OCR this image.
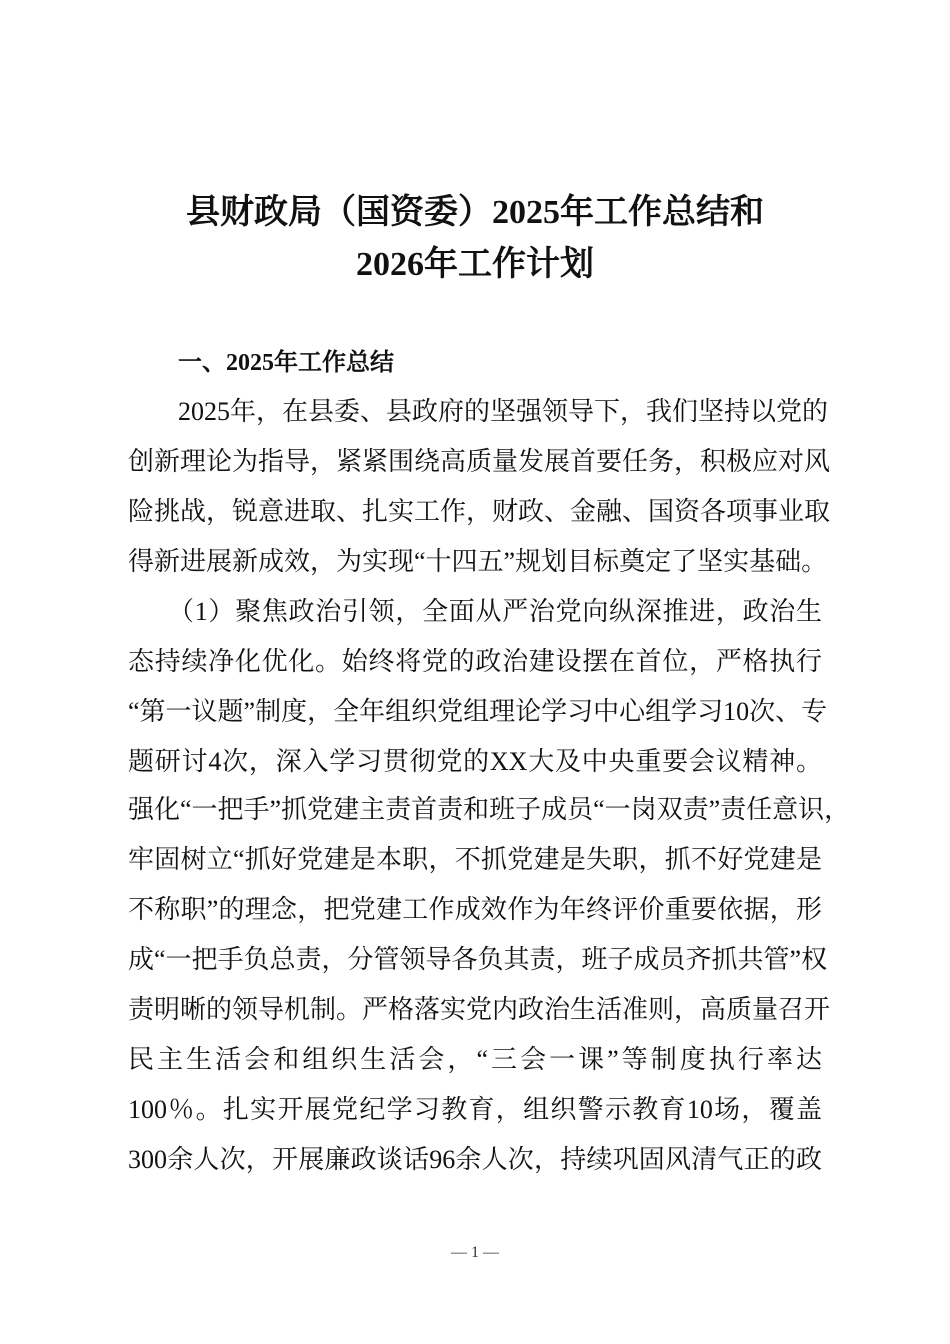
县财政局（国资委）2025年工作总结和
2026年工作计划
一、2025年工作总结
2025年，在县委、县政府的坚强领导下，我们坚持以党的
创新理论为指导，紧紧围绕高质量发展首要任务，积极应对风
险挑战，锐意进取、扎实工作，财政、金融、国资各项事业取
得新进展新成效，为实现“十四五”规划目标奠定了坚实基础。
（1）聚焦政治引领，全面从严治党向纵深推进，政治生
态持续净化优化。始终将党的政治建设摆在首位，严格执行
“第一议题”制度，全年组织党组理论学习中心组学习10次、专
题研讨4次，深入学习贯彻党的XX大及中央重要会议精神。
强化“一把手”抓党建主责首责和班子成员“一岗双责”责任意识，
牢固树立“抓好党建是本职，不抓党建是失职，抓不好党建是
不称职”的理念，把党建工作成效作为年终评价重要依据，形
成“一把手负总责，分管领导各负其责，班子成员齐抓共管”权
责明晰的领导机制。严格落实党内政治生活准则，高质量召开
民主生活会和组织生活会，“三会一课”等制度执行率达
100％。扎实开展党纪学习教育，组织警示教育10场，覆盖
300余人次，开展廉政谈话96余人次，持续巩固风清气正的政
— 1 —
